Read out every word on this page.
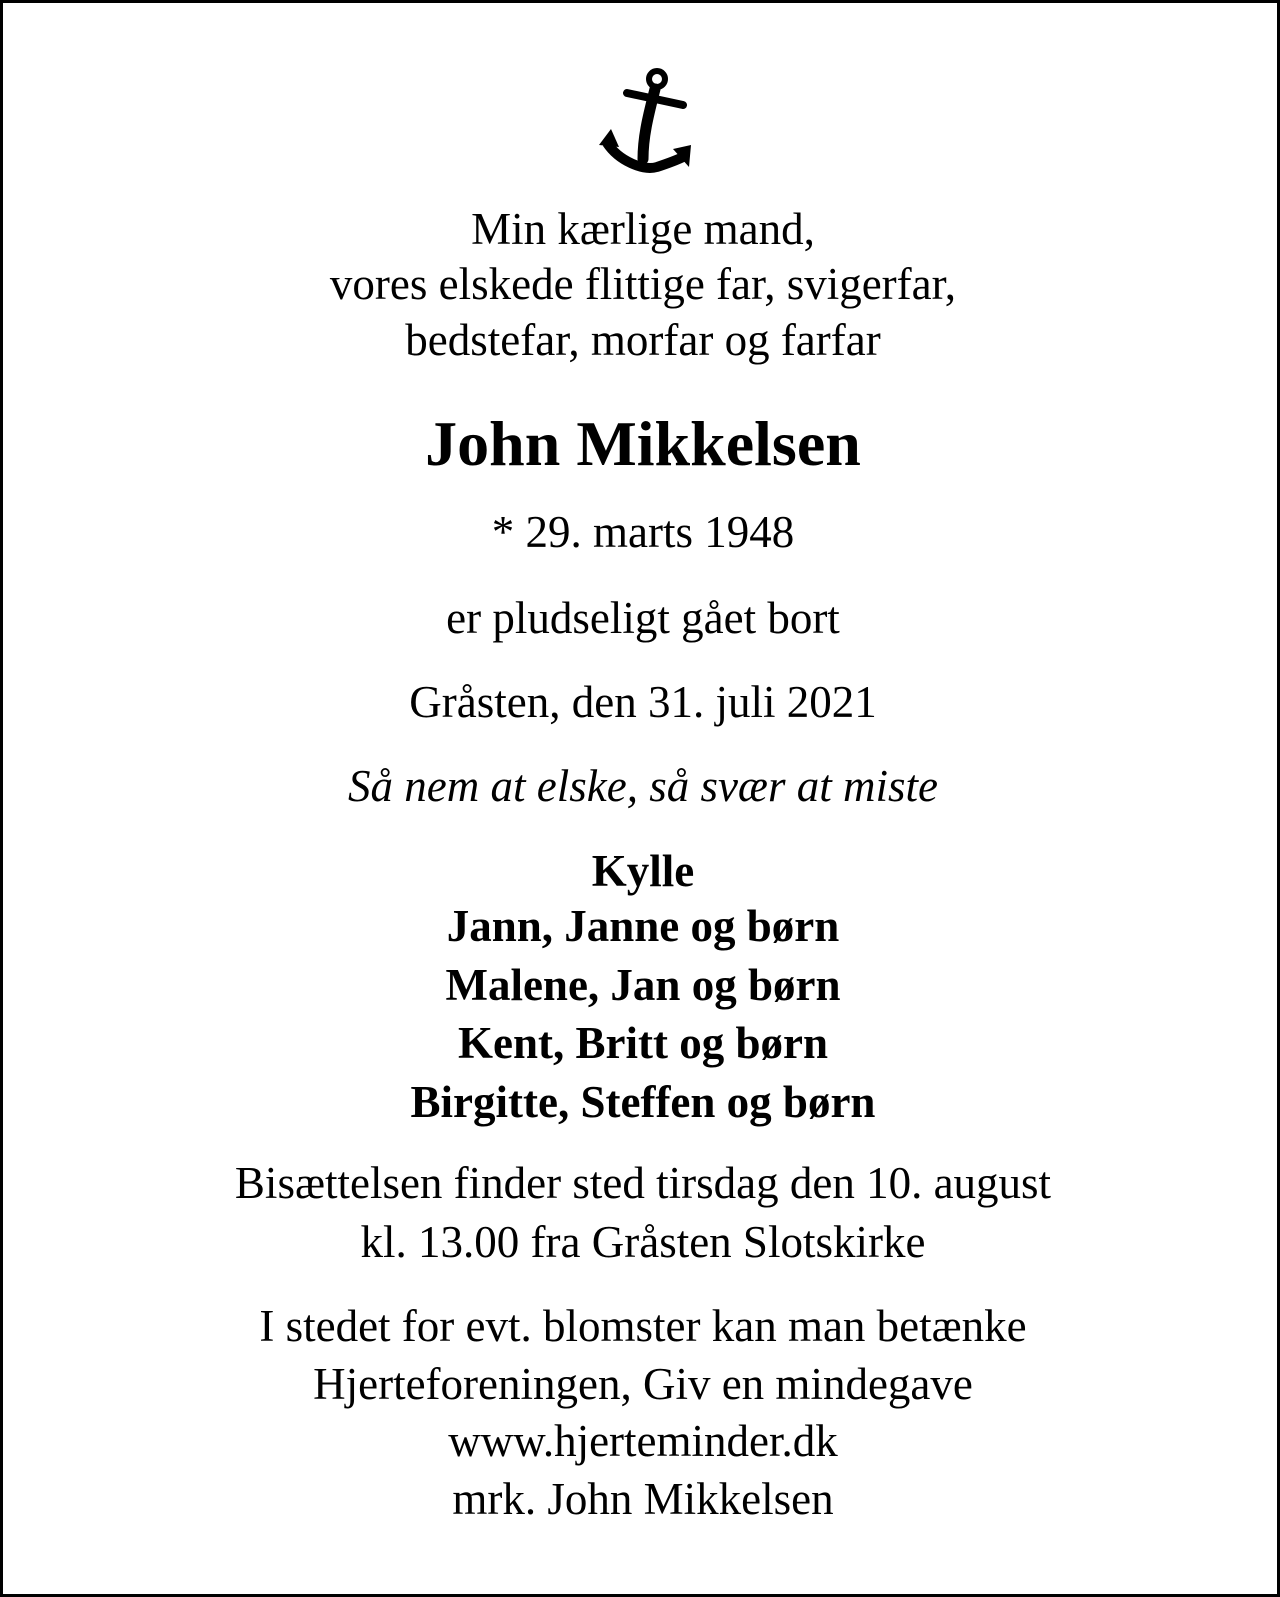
Min kærlige mand,
vores elskede flittige far, svigerfar,
bedstefar, morfar og farfar
John Mikkelsen
* 29. marts 1948
er pludseligt gået bort
Gråsten, den 31. juli 2021
Så nem at elske, så svær at miste
Kylle
Jann, Janne og børn
Malene, Jan og børn
Kent, Britt og børn
Birgitte, Steffen og børn
Bisættelsen finder sted tirsdag den 10. august
kl. 13.00 fra Gråsten Slotskirke
I stedet for evt. blomster kan man betænke
Hjerteforeningen, Giv en mindegave
www.hjerteminder.dk
mrk. John Mikkelsen
